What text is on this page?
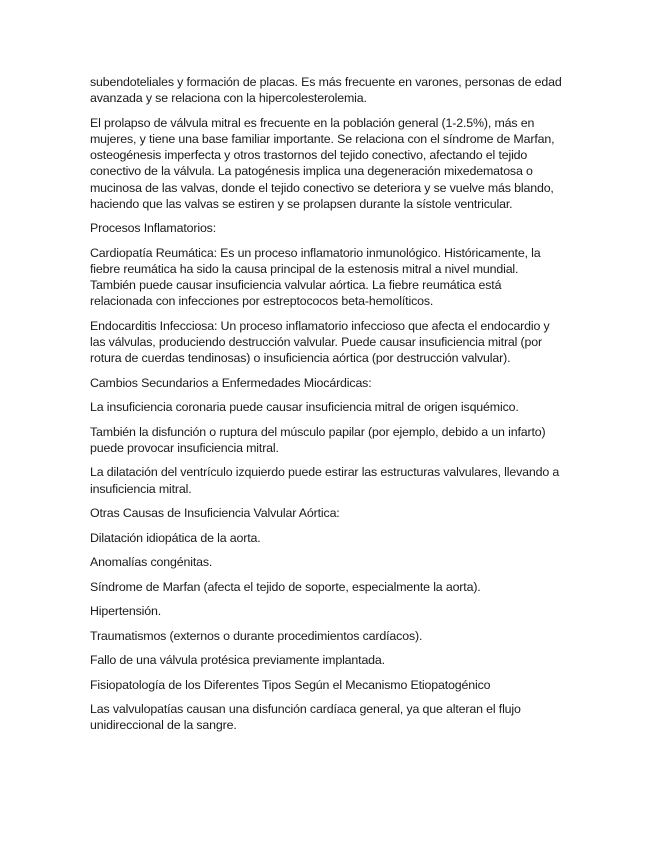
subendoteliales y formación de placas. Es más frecuente en varones, personas de edad avanzada y se relaciona con la hipercolesterolemia.

El prolapso de válvula mitral es frecuente en la población general (1-2.5%), más en mujeres, y tiene una base familiar importante. Se relaciona con el síndrome de Marfan, osteogénesis imperfecta y otros trastornos del tejido conectivo, afectando el tejido conectivo de la válvula. La patogénesis implica una degeneración mixedematosa o mucinosa de las valvas, donde el tejido conectivo se deteriora y se vuelve más blando, haciendo que las valvas se estiren y se prolapsen durante la sístole ventricular.

Procesos Inflamatorios:

Cardiopatía Reumática: Es un proceso inflamatorio inmunológico. Históricamente, la fiebre reumática ha sido la causa principal de la estenosis mitral a nivel mundial. También puede causar insuficiencia valvular aórtica. La fiebre reumática está relacionada con infecciones por estreptococos beta-hemolíticos.

Endocarditis Infecciosa: Un proceso inflamatorio infeccioso que afecta el endocardio y las válvulas, produciendo destrucción valvular. Puede causar insuficiencia mitral (por rotura de cuerdas tendinosas) o insuficiencia aórtica (por destrucción valvular).

Cambios Secundarios a Enfermedades Miocárdicas:

La insuficiencia coronaria puede causar insuficiencia mitral de origen isquémico.

También la disfunción o ruptura del músculo papilar (por ejemplo, debido a un infarto) puede provocar insuficiencia mitral.

La dilatación del ventrículo izquierdo puede estirar las estructuras valvulares, llevando a insuficiencia mitral.

Otras Causas de Insuficiencia Valvular Aórtica:

Dilatación idiopática de la aorta.

Anomalías congénitas.

Síndrome de Marfan (afecta el tejido de soporte, especialmente la aorta).

Hipertensión.

Traumatismos (externos o durante procedimientos cardíacos).

Fallo de una válvula protésica previamente implantada.

Fisiopatología de los Diferentes Tipos Según el Mecanismo Etiopatogénico

Las valvulopatías causan una disfunción cardíaca general, ya que alteran el flujo unidireccional de la sangre.
